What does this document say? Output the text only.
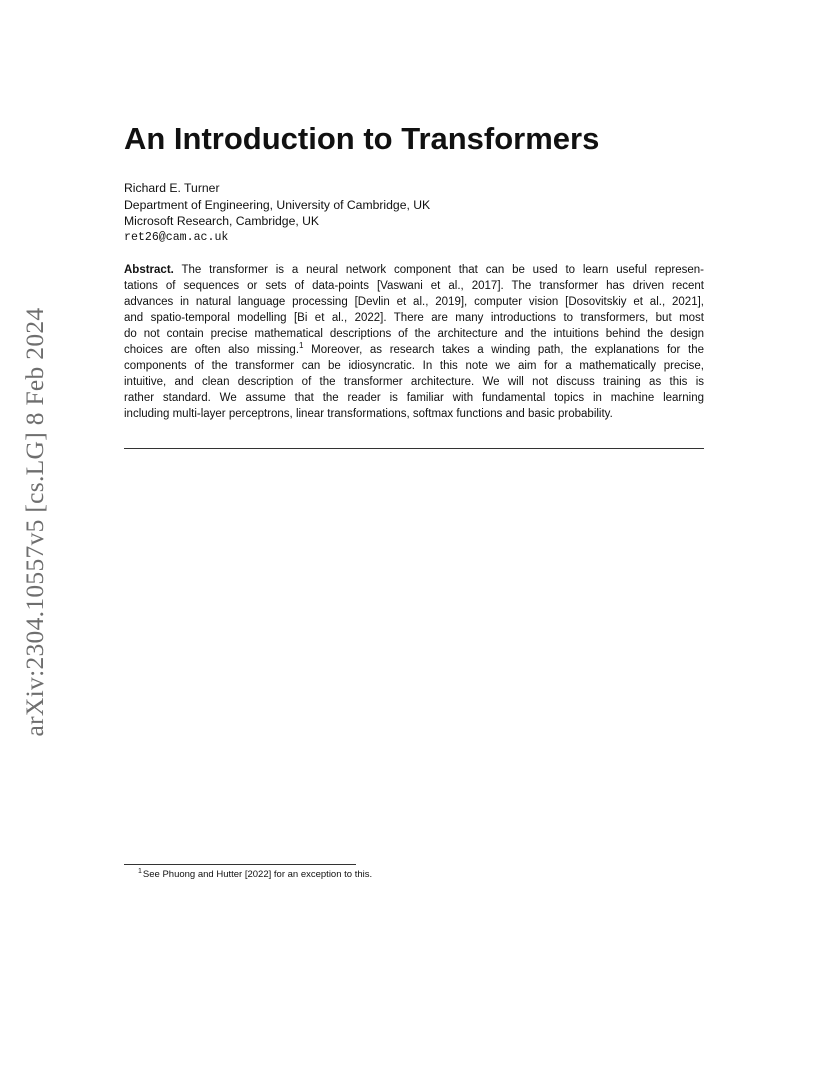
arXiv:2304.10557v5 [cs.LG] 8 Feb 2024
An Introduction to Transformers
Richard E. Turner
Department of Engineering, University of Cambridge, UK
Microsoft Research, Cambridge, UK
ret26@cam.ac.uk
Abstract. The transformer is a neural network component that can be used to learn useful represen-
tations of sequences or sets of data-points [Vaswani et al., 2017]. The transformer has driven recent
advances in natural language processing [Devlin et al., 2019], computer vision [Dosovitskiy et al., 2021],
and spatio-temporal modelling [Bi et al., 2022]. There are many introductions to transformers, but most
do not contain precise mathematical descriptions of the architecture and the intuitions behind the design
choices are often also missing.$^1$ Moreover, as research takes a winding path, the explanations for the
components of the transformer can be idiosyncratic. In this note we aim for a mathematically precise,
intuitive, and clean description of the transformer architecture. We will not discuss training as this is
rather standard. We assume that the reader is familiar with fundamental topics in machine learning
including multi-layer perceptrons, linear transformations, softmax functions and basic probability.
$^1$See Phuong and Hutter [2022] for an exception to this.
